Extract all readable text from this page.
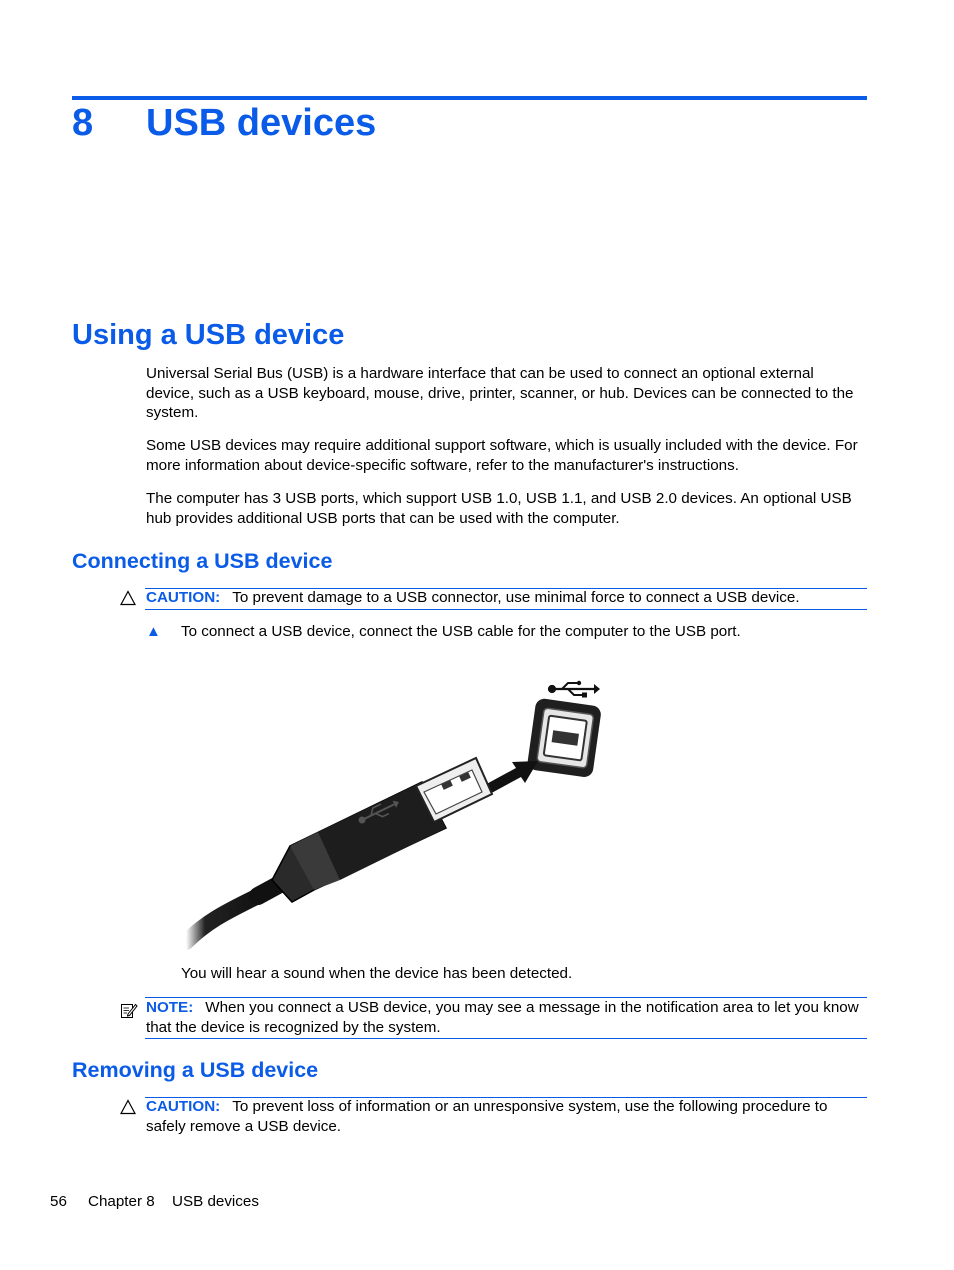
8 USB devices
Using a USB device
Universal Serial Bus (USB) is a hardware interface that can be used to connect an optional external device, such as a USB keyboard, mouse, drive, printer, scanner, or hub. Devices can be connected to the system.
Some USB devices may require additional support software, which is usually included with the device. For more information about device-specific software, refer to the manufacturer's instructions.
The computer has 3 USB ports, which support USB 1.0, USB 1.1, and USB 2.0 devices. An optional USB hub provides additional USB ports that can be used with the computer.
Connecting a USB device
CAUTION: To prevent damage to a USB connector, use minimal force to connect a USB device.
▲ To connect a USB device, connect the USB cable for the computer to the USB port.
You will hear a sound when the device has been detected.
NOTE: When you connect a USB device, you may see a message in the notification area to let you know that the device is recognized by the system.
Removing a USB device
CAUTION: To prevent loss of information or an unresponsive system, use the following procedure to safely remove a USB device.
56 Chapter 8 USB devices
